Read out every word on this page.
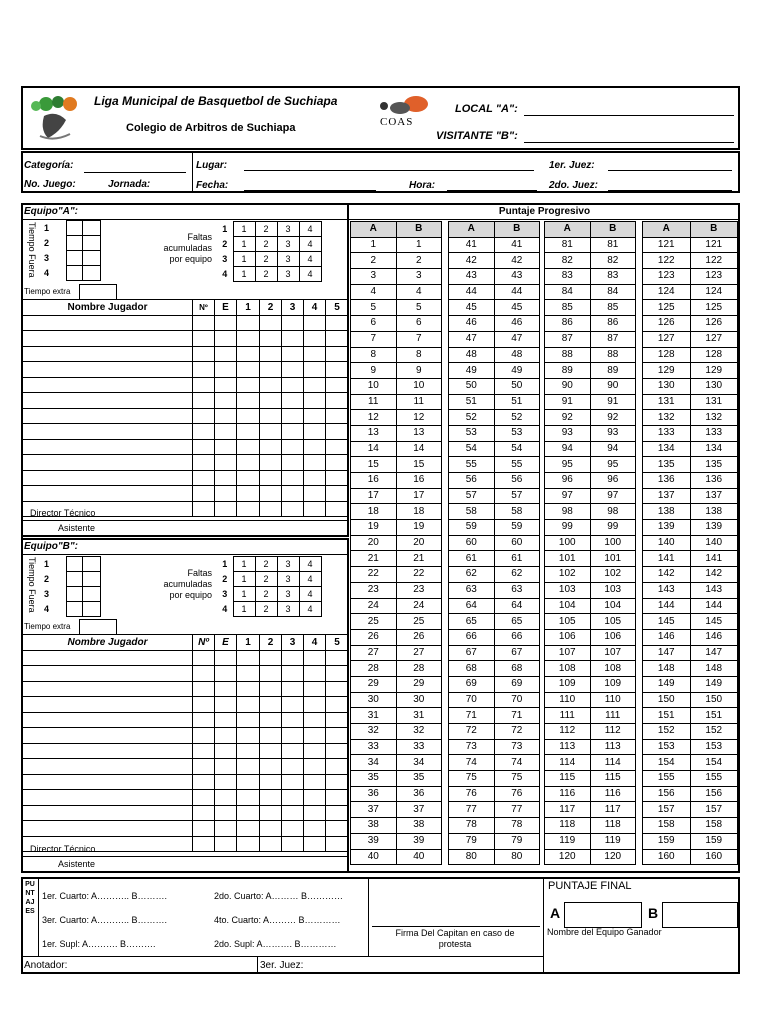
Liga Municipal de Basquetbol de Suchiapa
Colegio de Arbitros de Suchiapa	COAS
LOCAL "A":
VISITANTE "B":
Categoría:
No. Juego:	Jornada:
Lugar:
Fecha:	Hora:
1er. Juez:
2do. Juez:
Equipo"A":
Tiempo Fuera 1		
2		
3		
4		
Tiempo extra
Faltas acumuladas por equipo
1	1	2	3	4
2	1	2	3	4
3	1	2	3	4
4	1	2	3	4
Nombre Jugador	Nº	E	1	2	3	4	5

Director Técnico
Asistente
Equipo"B":
Tiempo Fuera 1		
2		
3		
4		
Tiempo extra
Faltas acumuladas por equipo
1	1	2	3	4
2	1	2	3	4
3	1	2	3	4
4	1	2	3	4
Nombre Jugador	Nº	E	1	2	3	4	5

Director Técnico
Asistente
Puntaje Progresivo
A	B
1	1
2	2
3	3
4	4
5	5
6	6
7	7
8	8
9	9
10	10
11	11
12	12
13	13
14	14
15	15
16	16
17	17
18	18
19	19
20	20
21	21
22	22
23	23
24	24
25	25
26	26
27	27
28	28
29	29
30	30
31	31
32	32
33	33
34	34
35	35
36	36
37	37
38	38
39	39
40	40
A	B
41	41
42	42
43	43
44	44
45	45
46	46
47	47
48	48
49	49
50	50
51	51
52	52
53	53
54	54
55	55
56	56
57	57
58	58
59	59
60	60
61	61
62	62
63	63
64	64
65	65
66	66
67	67
68	68
69	69
70	70
71	71
72	72
73	73
74	74
75	75
76	76
77	77
78	78
79	79
80	80
A	B
81	81
82	82
83	83
84	84
85	85
86	86
87	87
88	88
89	89
90	90
91	91
92	92
93	93
94	94
95	95
96	96
97	97
98	98
99	99
100	100
101	101
102	102
103	103
104	104
105	105
106	106
107	107
108	108
109	109
110	110
111	111
112	112
113	113
114	114
115	115
116	116
117	117
118	118
119	119
120	120
A	B
121	121
122	122
123	123
124	124
125	125
126	126
127	127
128	128
129	129
130	130
131	131
132	132
133	133
134	134
135	135
136	136
137	137
138	138
139	139
140	140
141	141
142	142
143	143
144	144
145	145
146	146
147	147
148	148
149	149
150	150
151	151
152	152
153	153
154	154
155	155
156	156
157	157
158	158
159	159
160	160
PUNTAJES
1er. Cuarto: A……….. B……….	2do. Cuarto: A……… B…………
3er. Cuarto: A……….. B……….	4to. Cuarto: A……… B…………
1er. Supl: A………. B……….	2do. Supl: A………. B…………
Firma Del Capitan en caso de protesta
PUNTAJE FINAL
A	B
Nombre del Equipo Ganador
Anotador:	3er. Juez:
